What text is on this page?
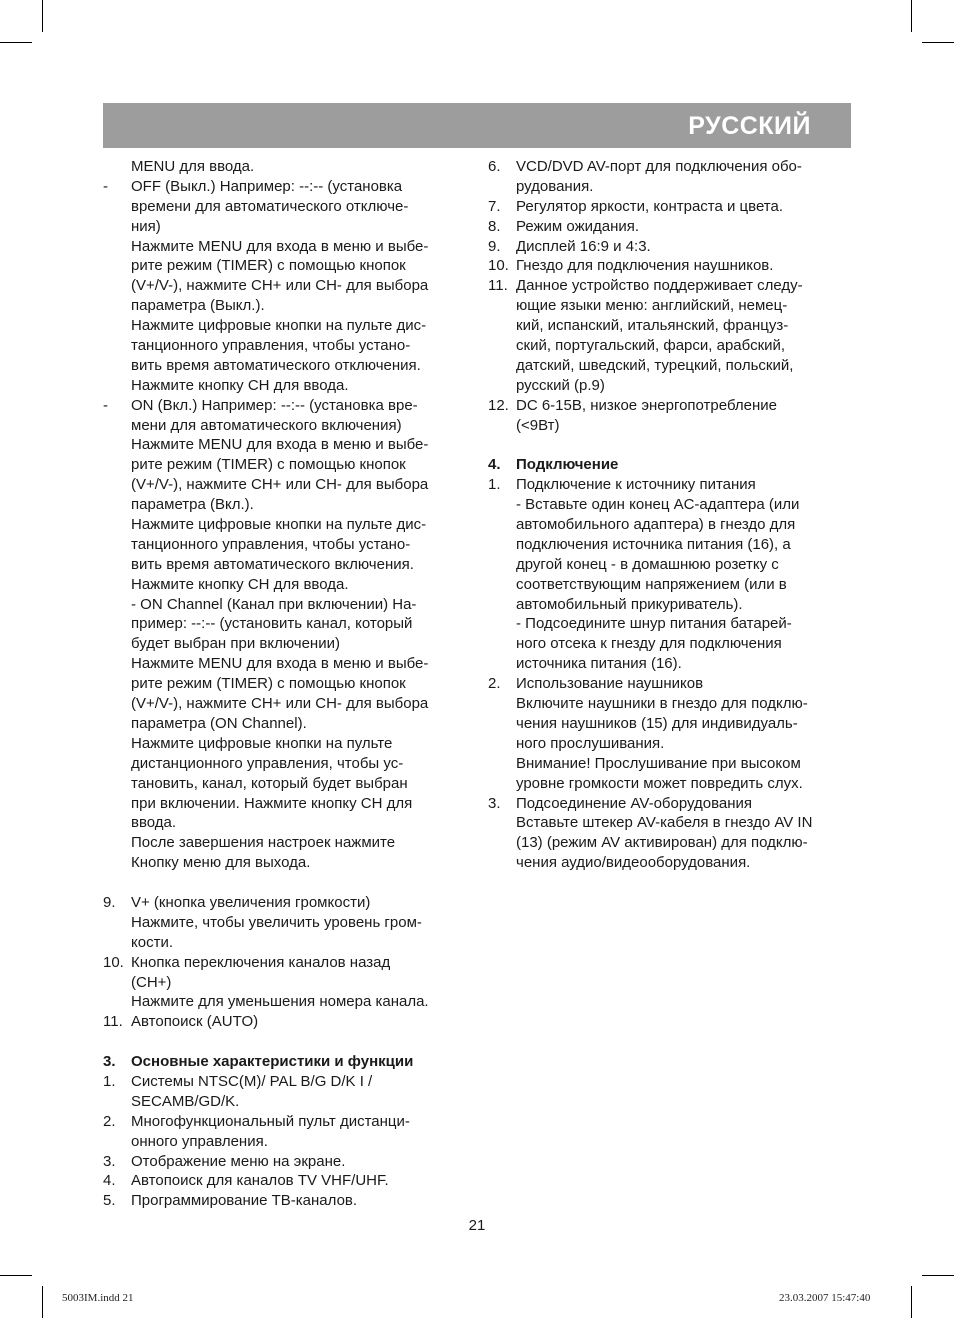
РУССКИЙ
MENU для ввода.
- OFF (Выкл.) Например: --:-- (установка
времени для автоматического отключе-
ния)
Нажмите MENU для входа в меню и выбе-
рите режим (TIMER) с помощью кнопок
(V+/V-), нажмите CH+ или CH- для выбора
параметра (Выкл.).
Нажмите цифровые кнопки на пульте дис-
танционного управления, чтобы устано-
вить время автоматического отключения.
Нажмите кнопку CH для ввода.
- ON (Вкл.) Например: --:-- (установка вре-
мени для автоматического включения)
Нажмите MENU для входа в меню и выбе-
рите режим (TIMER) с помощью кнопок
(V+/V-), нажмите CH+ или CH- для выбора
параметра (Вкл.).
Нажмите цифровые кнопки на пульте дис-
танционного управления, чтобы устано-
вить время автоматического включения.
Нажмите кнопку CH для ввода.
- ON Channel (Канал при включении) На-
пример: --:-- (установить канал, который
будет выбран при включении)
Нажмите MENU для входа в меню и выбе-
рите режим (TIMER) с помощью кнопок
(V+/V-), нажмите CH+ или CH- для выбора
параметра (ON Channel).
Нажмите цифровые кнопки на пульте
дистанционного управления, чтобы ус-
тановить, канал, который будет выбран
при включении. Нажмите кнопку CH для
ввода.
После завершения настроек нажмите
Кнопку меню для выхода.
9. V+ (кнопка увеличения громкости)
Нажмите, чтобы увеличить уровень гром-
кости.
10. Кнопка переключения каналов назад
(CH+)
Нажмите для уменьшения номера канала.
11. Автопоиск (AUTO)
3. Основные характеристики и функции
1. Системы NTSC(M)/ PAL B/G D/K I /
SECAMB/GD/K.
2. Многофункциональный пульт дистанци-
онного управления.
3. Отображение меню на экране.
4. Автопоиск для каналов TV VHF/UHF.
5. Программирование ТВ-каналов.
6. VCD/DVD AV-порт для подключения обо-
рудования.
7. Регулятор яркости, контраста и цвета.
8. Режим ожидания.
9. Дисплей 16:9 и 4:3.
10. Гнездо для подключения наушников.
11. Данное устройство поддерживает следу-
ющие языки меню: английский, немец-
кий, испанский, итальянский, француз-
ский, португальский, фарси, арабский,
датский, шведский, турецкий, польский,
русский (р.9)
12. DC 6-15В, низкое энергопотребление
(<9Вт)
4. Подключение
1. Подключение к источнику питания
- Вставьте один конец AC-адаптера (или
автомобильного адаптера) в гнездо для
подключения источника питания (16), а
другой конец - в домашнюю розетку с
соответствующим напряжением (или в
автомобильный прикуриватель).
- Подсоедините шнур питания батарей-
ного отсека к гнезду для подключения
источника питания (16).
2. Использование наушников
Включите наушники в гнездо для подклю-
чения наушников (15) для индивидуаль-
ного прослушивания.
Внимание! Прослушивание при высоком
уровне громкости может повредить слух.
3. Подсоединение AV-оборудования
Вставьте штекер AV-кабеля в гнездо AV IN
(13) (режим AV активирован) для подклю-
чения аудио/видеооборудования.
21
5003IM.indd 21	23.03.2007 15:47:40
